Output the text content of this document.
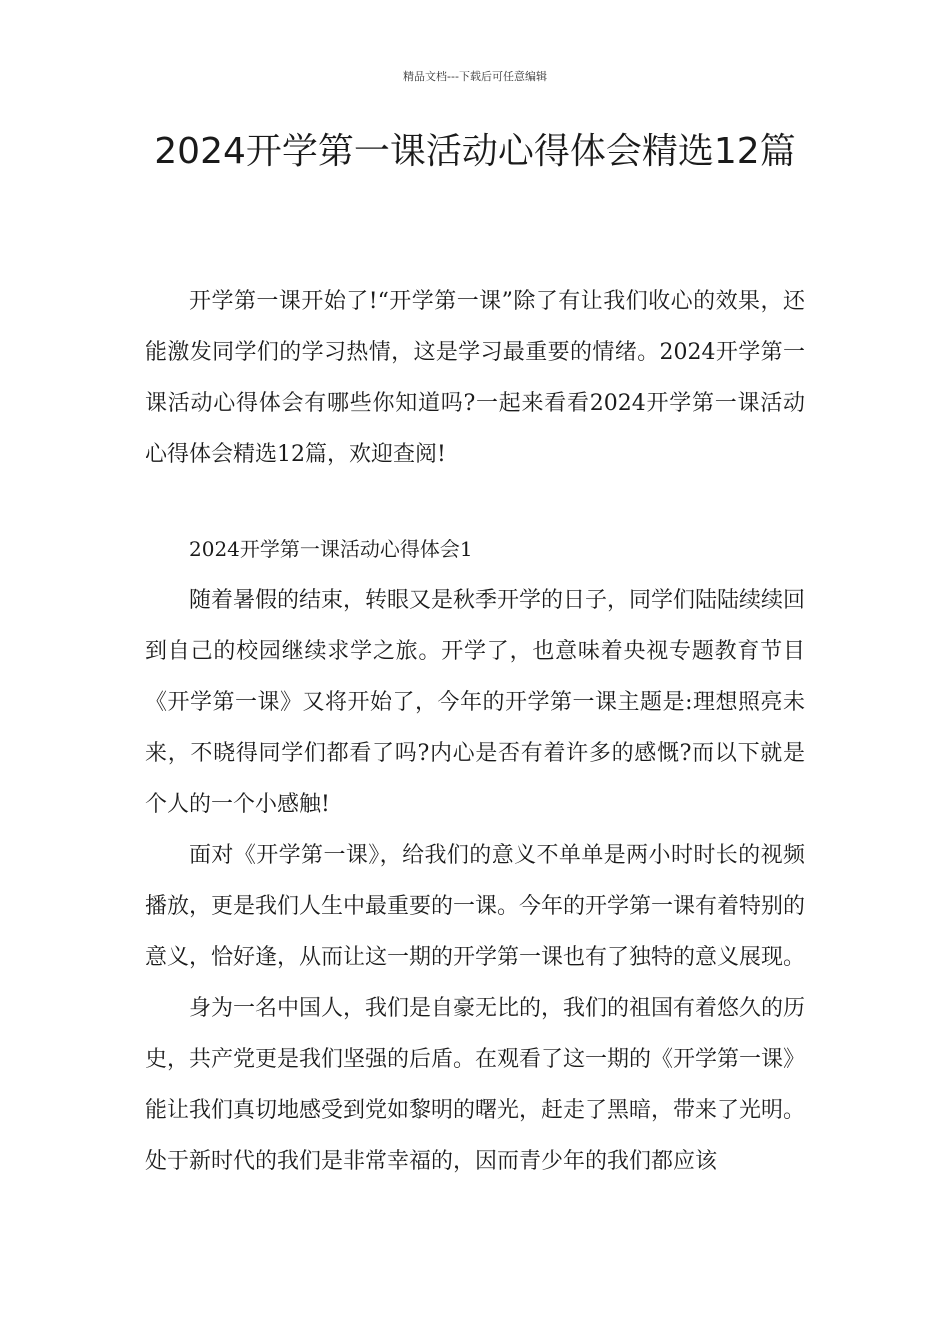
精品文档---下载后可任意编辑
2024开学第一课活动心得体会精选12篇

开学第一课开始了!“开学第一课”除了有让我们收心的效果，还能激发同学们的学习热情，这是学习最重要的情绪。2024开学第一课活动心得体会有哪些你知道吗?一起来看看2024开学第一课活动心得体会精选12篇，欢迎查阅!

2024开学第一课活动心得体会1

随着暑假的结束，转眼又是秋季开学的日子，同学们陆陆续续回到自己的校园继续求学之旅。开学了，也意味着央视专题教育节目《开学第一课》又将开始了，今年的开学第一课主题是:理想照亮未来，不晓得同学们都看了吗?内心是否有着许多的感慨?而以下就是个人的一个小感触!

面对《开学第一课》，给我们的意义不单单是两小时时长的视频播放，更是我们人生中最重要的一课。今年的开学第一课有着特别的意义，恰好逢，从而让这一期的开学第一课也有了独特的意义展现。

身为一名中国人，我们是自豪无比的，我们的祖国有着悠久的历史，共产党更是我们坚强的后盾。在观看了这一期的《开学第一课》能让我们真切地感受到党如黎明的曙光，赶走了黑暗，带来了光明。处于新时代的我们是非常幸福的，因而青少年的我们都应该
